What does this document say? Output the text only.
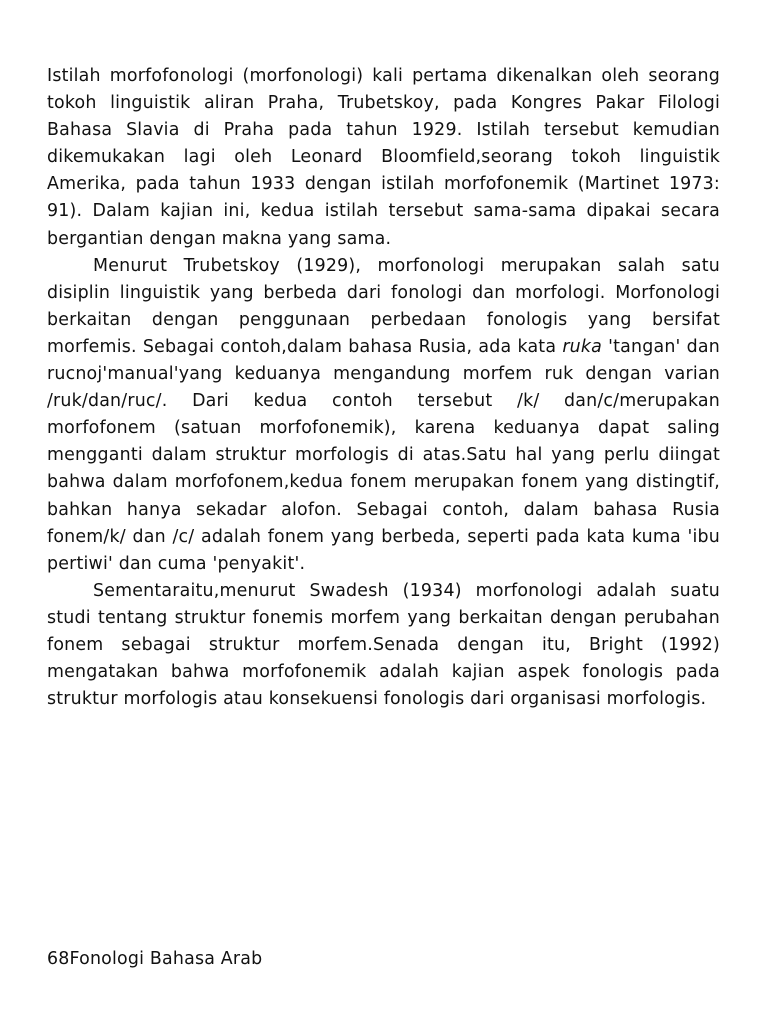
Istilah morfofonologi (morfonologi) kali pertama dikenalkan oleh seorang tokoh linguistik aliran Praha, Trubetskoy, pada Kongres Pakar Filologi Bahasa Slavia di Praha pada tahun 1929. Istilah tersebut kemudian dikemukakan lagi oleh Leonard Bloomfield,seorang tokoh linguistik Amerika, pada tahun 1933 dengan istilah morfofonemik (Martinet 1973: 91). Dalam kajian ini, kedua istilah tersebut sama-sama dipakai secara bergantian dengan makna yang sama.

Menurut Trubetskoy (1929), morfonologi merupakan salah satu disiplin linguistik yang berbeda dari fonologi dan morfologi. Morfonologi berkaitan dengan penggunaan perbedaan fonologis yang bersifat morfemis. Sebagai contoh,dalam bahasa Rusia, ada kata ruka 'tangan' dan rucnoj'manual'yang keduanya mengandung morfem ruk dengan varian /ruk/dan/ruc/. Dari kedua contoh tersebut /k/ dan/c/merupakan morfofonem (satuan morfofonemik), karena keduanya dapat saling mengganti dalam struktur morfologis di atas.Satu hal yang perlu diingat bahwa dalam morfofonem,kedua fonem merupakan fonem yang distingtif, bahkan hanya sekadar alofon. Sebagai contoh, dalam bahasa Rusia fonem/k/ dan /c/ adalah fonem yang berbeda, seperti pada kata kuma 'ibu pertiwi' dan cuma 'penyakit'.

Sementaraitu,menurut Swadesh (1934) morfonologi adalah suatu studi tentang struktur fonemis morfem yang berkaitan dengan perubahan fonem sebagai struktur morfem.Senada dengan itu, Bright (1992) mengatakan bahwa morfofonemik adalah kajian aspek fonologis pada struktur morfologis atau konsekuensi fonologis dari organisasi morfologis.

68Fonologi Bahasa Arab
